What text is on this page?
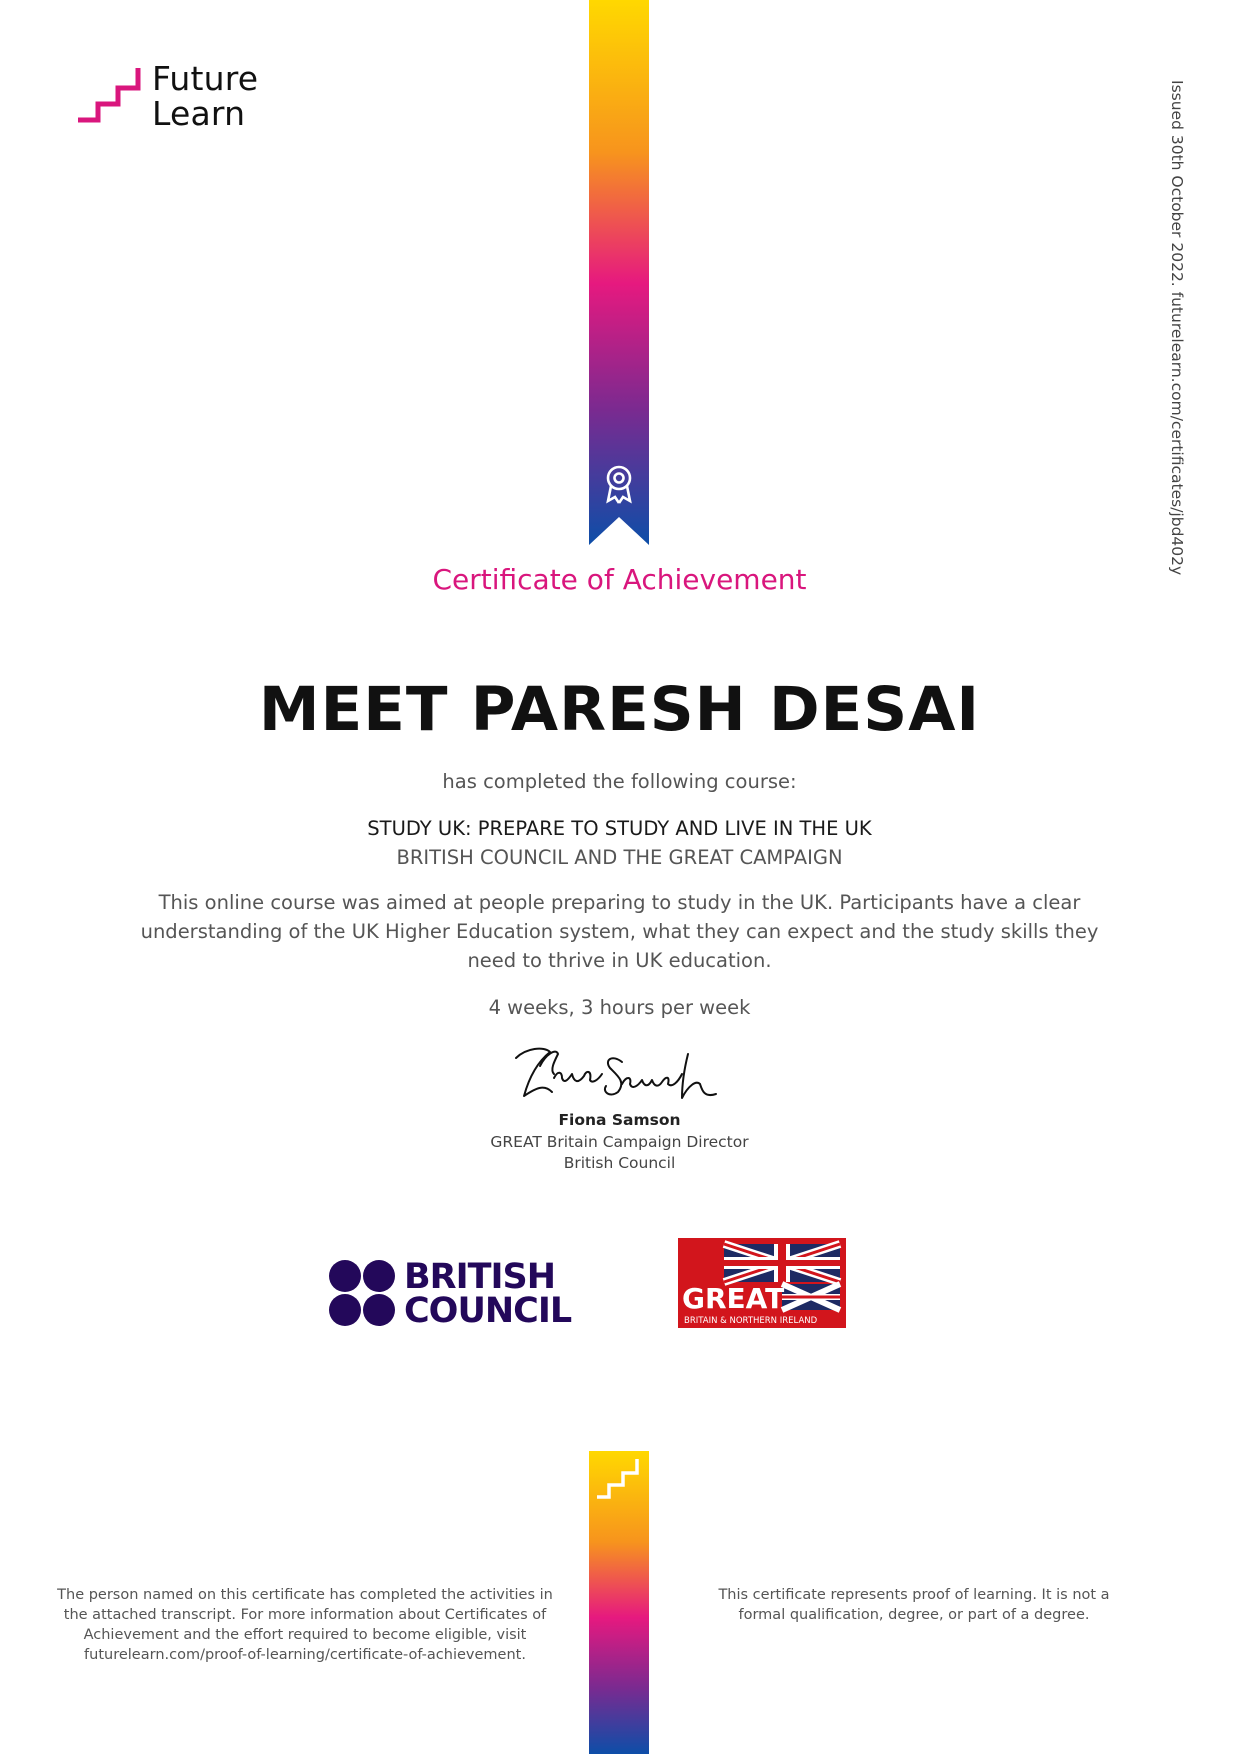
Future
Learn	Issued 30th October 2022. futurelearn.com/certificates/jbd402y
Certificate of Achievement
MEET PARESH DESAI
has completed the following course:
STUDY UK: PREPARE TO STUDY AND LIVE IN THE UK
BRITISH COUNCIL AND THE GREAT CAMPAIGN
This online course was aimed at people preparing to study in the UK. Participants have a clear understanding of the UK Higher Education system, what they can expect and the study skills they need to thrive in UK education.
4 weeks, 3 hours per week
Fiona Samson
GREAT Britain Campaign Director
British Council
BRITISH
COUNCIL	GREAT
BRITAIN & NORTHERN IRELAND
The person named on this certificate has completed the activities in the attached transcript. For more information about Certificates of Achievement and the effort required to become eligible, visit futurelearn.com/proof-of-learning/certificate-of-achievement.
This certificate represents proof of learning. It is not a formal qualification, degree, or part of a degree.
